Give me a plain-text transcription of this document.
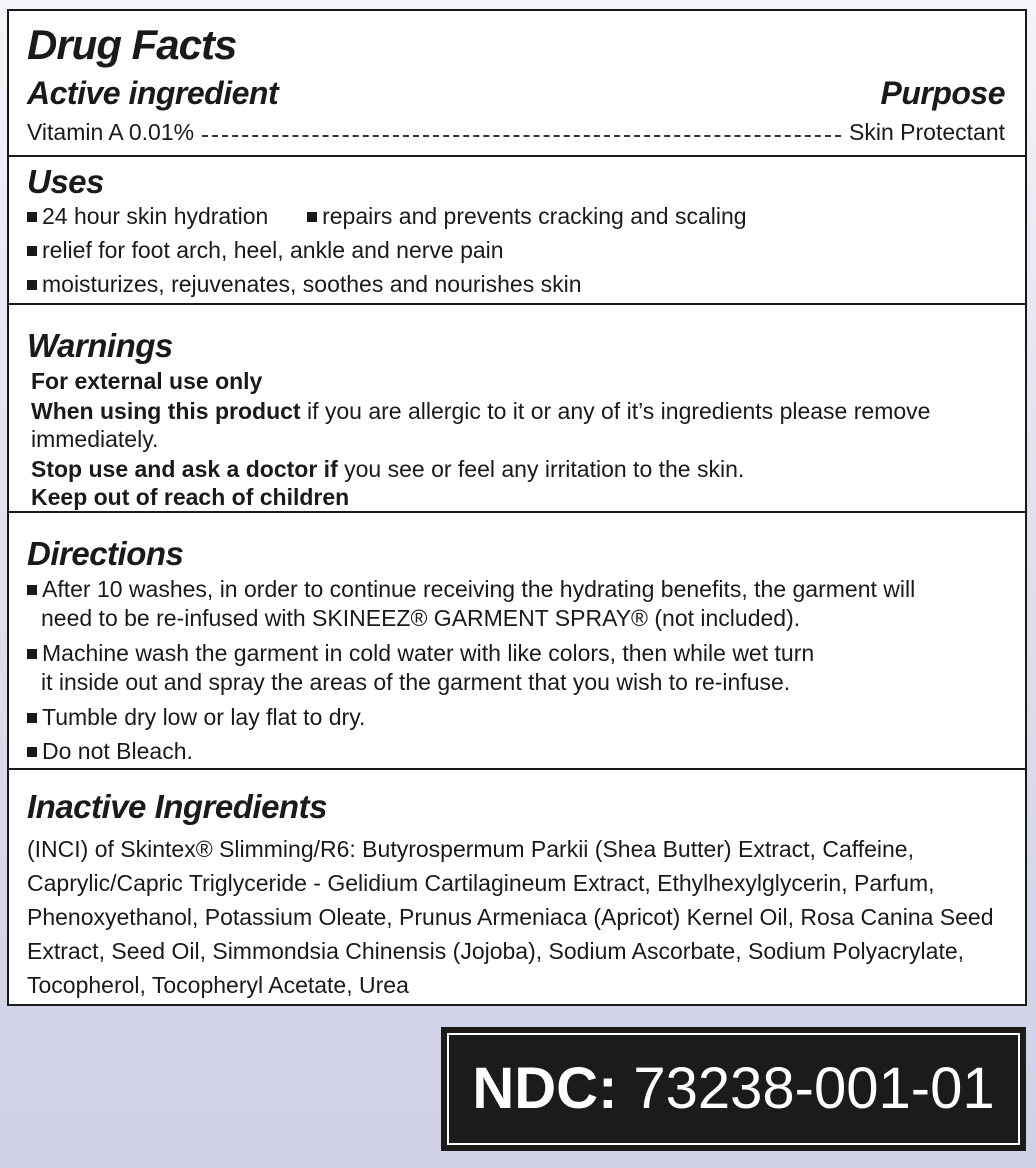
Drug Facts
Active ingredient	Purpose
Vitamin A 0.01%	Skin Protectant
Uses
24 hour skin hydration repairs and prevents cracking and scaling
relief for foot arch, heel, ankle and nerve pain
moisturizes, rejuvenates, soothes and nourishes skin
Warnings
For external use only
When using this product if you are allergic to it or any of it’s ingredients please remove immediately.
Stop use and ask a doctor if you see or feel any irritation to the skin.
Keep out of reach of children
Directions
After 10 washes, in order to continue receiving the hydrating benefits, the garment will
need to be re-infused with SKINEEZ® GARMENT SPRAY® (not included).
Machine wash the garment in cold water with like colors, then while wet turn
it inside out and spray the areas of the garment that you wish to re-infuse.
Tumble dry low or lay flat to dry.
Do not Bleach.
Inactive Ingredients
(INCI) of Skintex® Slimming/R6: Butyrospermum Parkii (Shea Butter) Extract, Caffeine, Caprylic/Capric Triglyceride - Gelidium Cartilagineum Extract, Ethylhexylglycerin, Parfum, Phenoxyethanol, Potassium Oleate, Prunus Armeniaca (Apricot) Kernel Oil, Rosa Canina Seed Extract, Seed Oil, Simmondsia Chinensis (Jojoba), Sodium Ascorbate, Sodium Polyacrylate, Tocopherol, Tocopheryl Acetate, Urea
NDC: 73238-001-01
